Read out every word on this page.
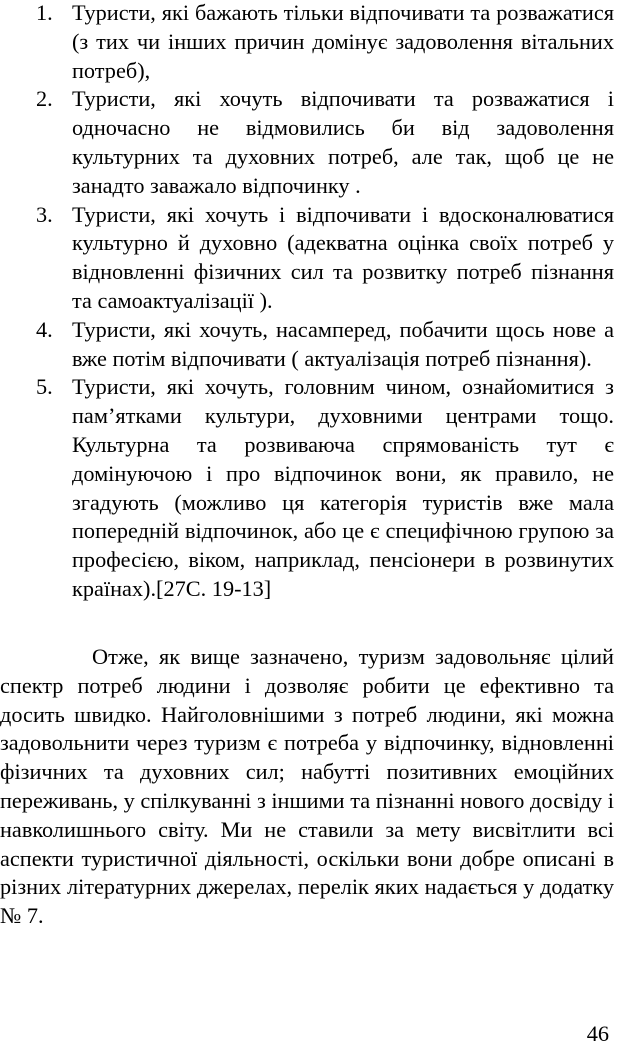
1. Туристи, які бажають тільки відпочивати та розважатися (з тих чи інших причин домінує задоволення вітальних потреб),
2. Туристи, які хочуть відпочивати та розважатися і одночасно не відмовились би від задоволення культурних та духовних потреб, але так, щоб це не занадто заважало відпочинку .
3. Туристи, які хочуть і відпочивати і вдосконалюватися культурно й духовно (адекватна оцінка своїх потреб у відновленні фізичних сил та розвитку потреб пізнання та самоактуалізації ).
4. Туристи, які хочуть, насамперед, побачити щось нове а вже потім відпочивати ( актуалізація потреб пізнання).
5. Туристи, які хочуть, головним чином, ознайомитися з пам’ятками культури, духовними центрами тощо. Культурна та розвиваюча спрямованість тут є домінуючою і про відпочинок вони, як правило, не згадують (можливо ця категорія туристів вже мала попередній відпочинок, або це є специфічною групою за професією, віком, наприклад, пенсіонери в розвинутих країнах).[27C. 19-13]

Отже, як вище зазначено, туризм задовольняє цілий спектр потреб людини і дозволяє робити це ефективно та досить швидко. Найголовнішими з потреб людини, які можна задовольнити через туризм є потреба у відпочинку, відновленні фізичних та духовних сил; набутті позитивних емоційних переживань, у спілкуванні з іншими та пізнанні нового досвіду і навколишнього світу. Ми не ставили за мету висвітлити всі аспекти туристичної діяльності, оскільки вони добре описані в різних літературних джерелах, перелік яких надається у додатку № 7.

46
